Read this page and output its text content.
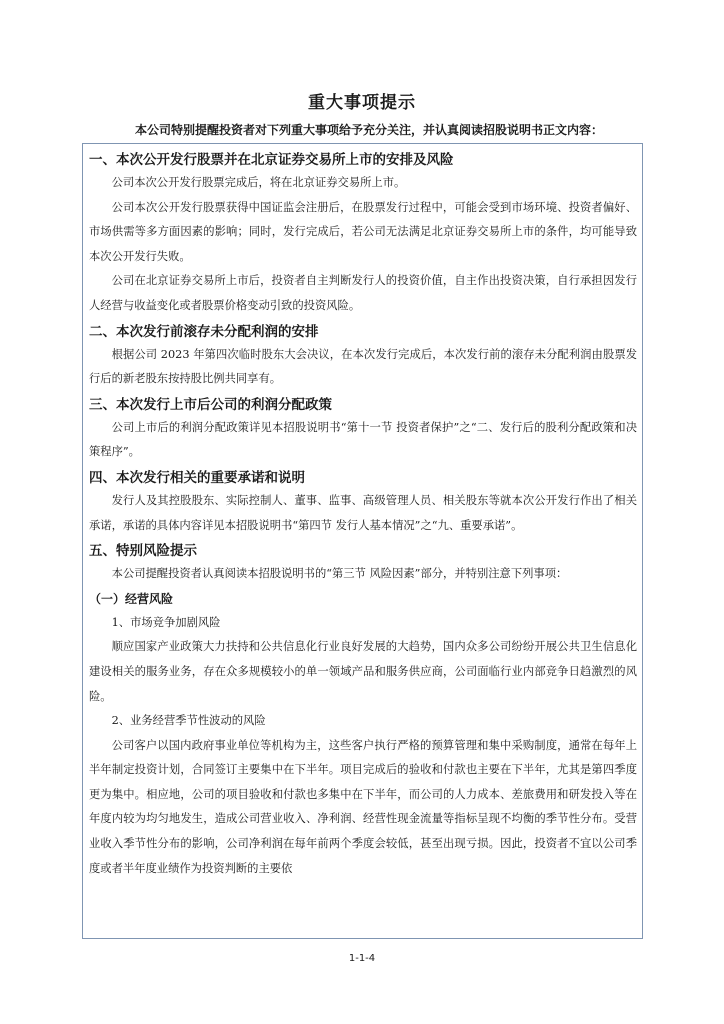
重大事项提示
本公司特别提醒投资者对下列重大事项给予充分关注，并认真阅读招股说明书正文内容：
一、本次公开发行股票并在北京证券交易所上市的安排及风险

公司本次公开发行股票完成后，将在北京证券交易所上市。

公司本次公开发行股票获得中国证监会注册后，在股票发行过程中，可能会受到市场环境、投资者偏好、市场供需等多方面因素的影响；同时，发行完成后，若公司无法满足北京证券交易所上市的条件，均可能导致本次公开发行失败。

公司在北京证券交易所上市后，投资者自主判断发行人的投资价值，自主作出投资决策，自行承担因发行人经营与收益变化或者股票价格变动引致的投资风险。

二、本次发行前滚存未分配利润的安排

根据公司 2023 年第四次临时股东大会决议，在本次发行完成后，本次发行前的滚存未分配利润由股票发行后的新老股东按持股比例共同享有。

三、本次发行上市后公司的利润分配政策

公司上市后的利润分配政策详见本招股说明书“第十一节 投资者保护”之“二、发行后的股利分配政策和决策程序”。

四、本次发行相关的重要承诺和说明

发行人及其控股股东、实际控制人、董事、监事、高级管理人员、相关股东等就本次公开发行作出了相关承诺，承诺的具体内容详见本招股说明书“第四节 发行人基本情况”之“九、重要承诺”。

五、特别风险提示

本公司提醒投资者认真阅读本招股说明书的“第三节 风险因素”部分，并特别注意下列事项：

（一）经营风险

1、市场竞争加剧风险

顺应国家产业政策大力扶持和公共信息化行业良好发展的大趋势，国内众多公司纷纷开展公共卫生信息化建设相关的服务业务，存在众多规模较小的单一领域产品和服务供应商，公司面临行业内部竞争日趋激烈的风险。

2、业务经营季节性波动的风险

公司客户以国内政府事业单位等机构为主，这些客户执行严格的预算管理和集中采购制度，通常在每年上半年制定投资计划，合同签订主要集中在下半年。项目完成后的验收和付款也主要在下半年，尤其是第四季度更为集中。相应地，公司的项目验收和付款也多集中在下半年，而公司的人力成本、差旅费用和研发投入等在年度内较为均匀地发生，造成公司营业收入、净利润、经营性现金流量等指标呈现不均衡的季节性分布。受营业收入季节性分布的影响，公司净利润在每年前两个季度会较低，甚至出现亏损。因此，投资者不宜以公司季度或者半年度业绩作为投资判断的主要依

1-1-4
